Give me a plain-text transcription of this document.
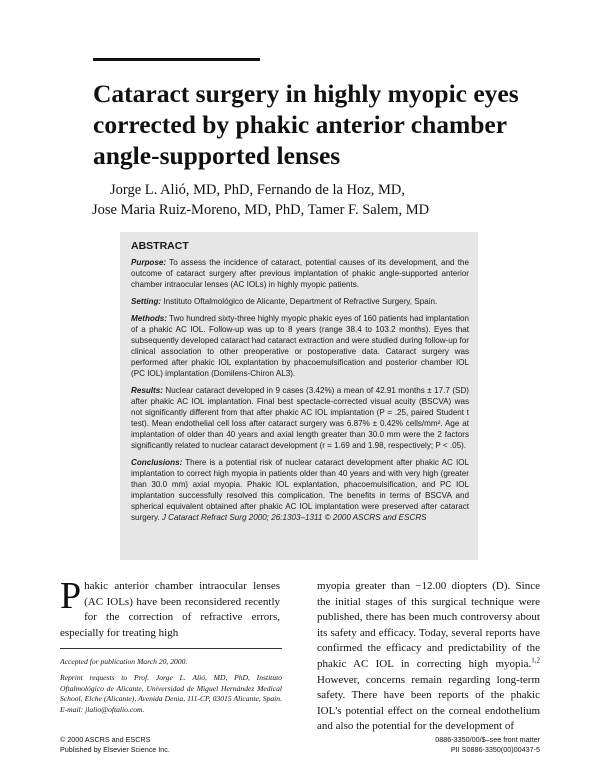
Cataract surgery in highly myopic eyes
corrected by phakic anterior chamber
angle-supported lenses
Jorge L. Alió, MD, PhD, Fernando de la Hoz, MD,
Jose Maria Ruiz-Moreno, MD, PhD, Tamer F. Salem, MD
ABSTRACT

Purpose: To assess the incidence of cataract, potential causes of its development, and the outcome of cataract surgery after previous implantation of phakic angle-supported anterior chamber intraocular lenses (AC IOLs) in highly myopic patients.

Setting: Instituto Oftalmológico de Alicante, Department of Refractive Surgery, Spain.

Methods: Two hundred sixty-three highly myopic phakic eyes of 160 patients had implantation of a phakic AC IOL. Follow-up was up to 8 years (range 38.4 to 103.2 months). Eyes that subsequently developed cataract had cataract extraction and were studied during follow-up for clinical association to other preoperative or postoperative data. Cataract surgery was performed after phakic IOL explantation by phacoemulsification and posterior chamber IOL (PC IOL) implantation (Domilens-Chiron AL3).

Results: Nuclear cataract developed in 9 cases (3.42%) a mean of 42.91 months ± 17.7 (SD) after phakic AC IOL implantation. Final best spectacle-corrected visual acuity (BSCVA) was not significantly different from that after phakic AC IOL implantation (P = .25, paired Student t test). Mean endothelial cell loss after cataract surgery was 6.87% ± 0.42% cells/mm². Age at implantation of older than 40 years and axial length greater than 30.0 mm were the 2 factors significantly related to nuclear cataract development (r = 1.69 and 1.98, respectively; P < .05).

Conclusions: There is a potential risk of nuclear cataract development after phakic AC IOL implantation to correct high myopia in patients older than 40 years and with very high (greater than 30.0 mm) axial myopia. Phakic IOL explantation, phacoemulsification, and PC IOL implantation successfully resolved this complication. The benefits in terms of BSCVA and spherical equivalent obtained after phakic AC IOL implantation were preserved after cataract surgery. J Cataract Refract Surg 2000; 26:1303–1311 © 2000 ASCRS and ESCRS

Phakic anterior chamber intraocular lenses (AC IOLs) have been reconsidered recently for the correction of refractive errors, especially for treating high
myopia greater than −12.00 diopters (D). Since the initial stages of this surgical technique were published, there has been much controversy about its safety and efficacy. Today, several reports have confirmed the efficacy and predictability of the phakic AC IOL in correcting high myopia.$^{1,2}$ However, concerns remain regarding long-term safety. There have been reports of the phakic IOL's potential effect on the corneal endothelium and also the potential for the development of

Accepted for publication March 20, 2000.

Reprint requests to Prof. Jorge L. Alió, MD, PhD, Instituto Oftalmológico de Alicante, Universidad de Miguel Hernández Medical School, Elche (Alicante), Avenida Denia, 111-CP, 03015 Alicante, Spain. E-mail: jlalio@oftalio.com.

© 2000 ASCRS and ESCRS
Published by Elsevier Science Inc.
0886-3350/00/$–see front matter
PII S0886-3350(00)00437-5
